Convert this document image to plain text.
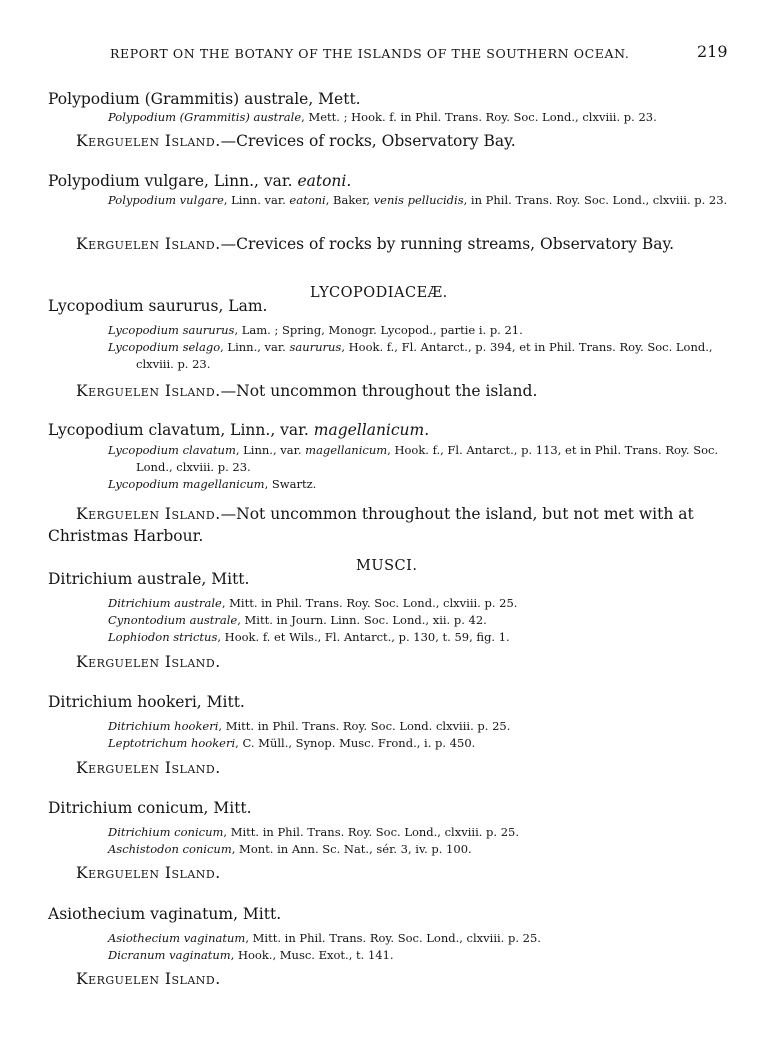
REPORT ON THE BOTANY OF THE ISLANDS OF THE SOUTHERN OCEAN.	219
Polypodium (Grammitis) australe, Mett.
Polypodium (Grammitis) australe, Mett. ; Hook. f. in Phil. Trans. Roy. Soc. Lond., clxviii. p. 23.
Kerguelen Island.—Crevices of rocks, Observatory Bay.
Polypodium vulgare, Linn., var. eatoni.
Polypodium vulgare, Linn. var. eatoni, Baker, venis pellucidis, in Phil. Trans. Roy. Soc. Lond., clxviii. p. 23.
Kerguelen Island.—Crevices of rocks by running streams, Observatory Bay.
LYCOPODIACEÆ.
Lycopodium saururus, Lam.
Lycopodium saururus, Lam. ; Spring, Monogr. Lycopod., partie i. p. 21.
Lycopodium selago, Linn., var. saururus, Hook. f., Fl. Antarct., p. 394, et in Phil. Trans. Roy. Soc. Lond., clxviii. p. 23.
Kerguelen Island.—Not uncommon throughout the island.
Lycopodium clavatum, Linn., var. magellanicum.
Lycopodium clavatum, Linn., var. magellanicum, Hook. f., Fl. Antarct., p. 113, et in Phil. Trans. Roy. Soc. Lond., clxviii. p. 23.
Lycopodium magellanicum, Swartz.
Kerguelen Island.—Not uncommon throughout the island, but not met with at
Christmas Harbour.
MUSCI.
Ditrichium australe, Mitt.
Ditrichium australe, Mitt. in Phil. Trans. Roy. Soc. Lond., clxviii. p. 25.
Cynontodium australe, Mitt. in Journ. Linn. Soc. Lond., xii. p. 42.
Lophiodon strictus, Hook. f. et Wils., Fl. Antarct., p. 130, t. 59, fig. 1.
Kerguelen Island.
Ditrichium hookeri, Mitt.
Ditrichium hookeri, Mitt. in Phil. Trans. Roy. Soc. Lond. clxviii. p. 25.
Leptotrichum hookeri, C. Müll., Synop. Musc. Frond., i. p. 450.
Kerguelen Island.
Ditrichium conicum, Mitt.
Ditrichium conicum, Mitt. in Phil. Trans. Roy. Soc. Lond., clxviii. p. 25.
Aschistodon conicum, Mont. in Ann. Sc. Nat., sér. 3, iv. p. 100.
Kerguelen Island.
Asiothecium vaginatum, Mitt.
Asiothecium vaginatum, Mitt. in Phil. Trans. Roy. Soc. Lond., clxviii. p. 25.
Dicranum vaginatum, Hook., Musc. Exot., t. 141.
Kerguelen Island.
